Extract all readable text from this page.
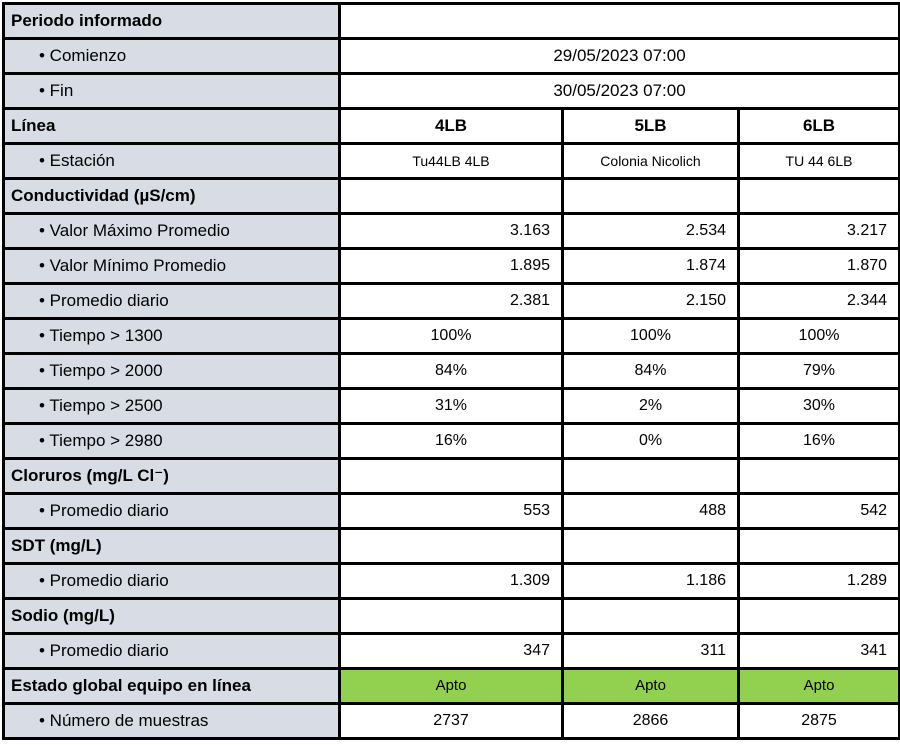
Periodo informado			
• Comienzo	29/05/2023 07:00		
• Fin	30/05/2023 07:00		
Línea	4LB	5LB	6LB
• Estación	Tu44LB 4LB	Colonia Nicolich	TU 44 6LB
Conductividad (µS/cm)			
• Valor Máximo Promedio	3.163	2.534	3.217
• Valor Mínimo Promedio	1.895	1.874	1.870
• Promedio diario	2.381	2.150	2.344
• Tiempo > 1300	100%	100%	100%
• Tiempo > 2000	84%	84%	79%
• Tiempo > 2500	31%	2%	30%
• Tiempo > 2980	16%	0%	16%
Cloruros (mg/L Cl⁻)			
• Promedio diario	553	488	542
SDT (mg/L)			
• Promedio diario	1.309	1.186	1.289
Sodio (mg/L)			
• Promedio diario	347	311	341
Estado global equipo en línea	Apto	Apto	Apto
• Número de muestras	2737	2866	2875
